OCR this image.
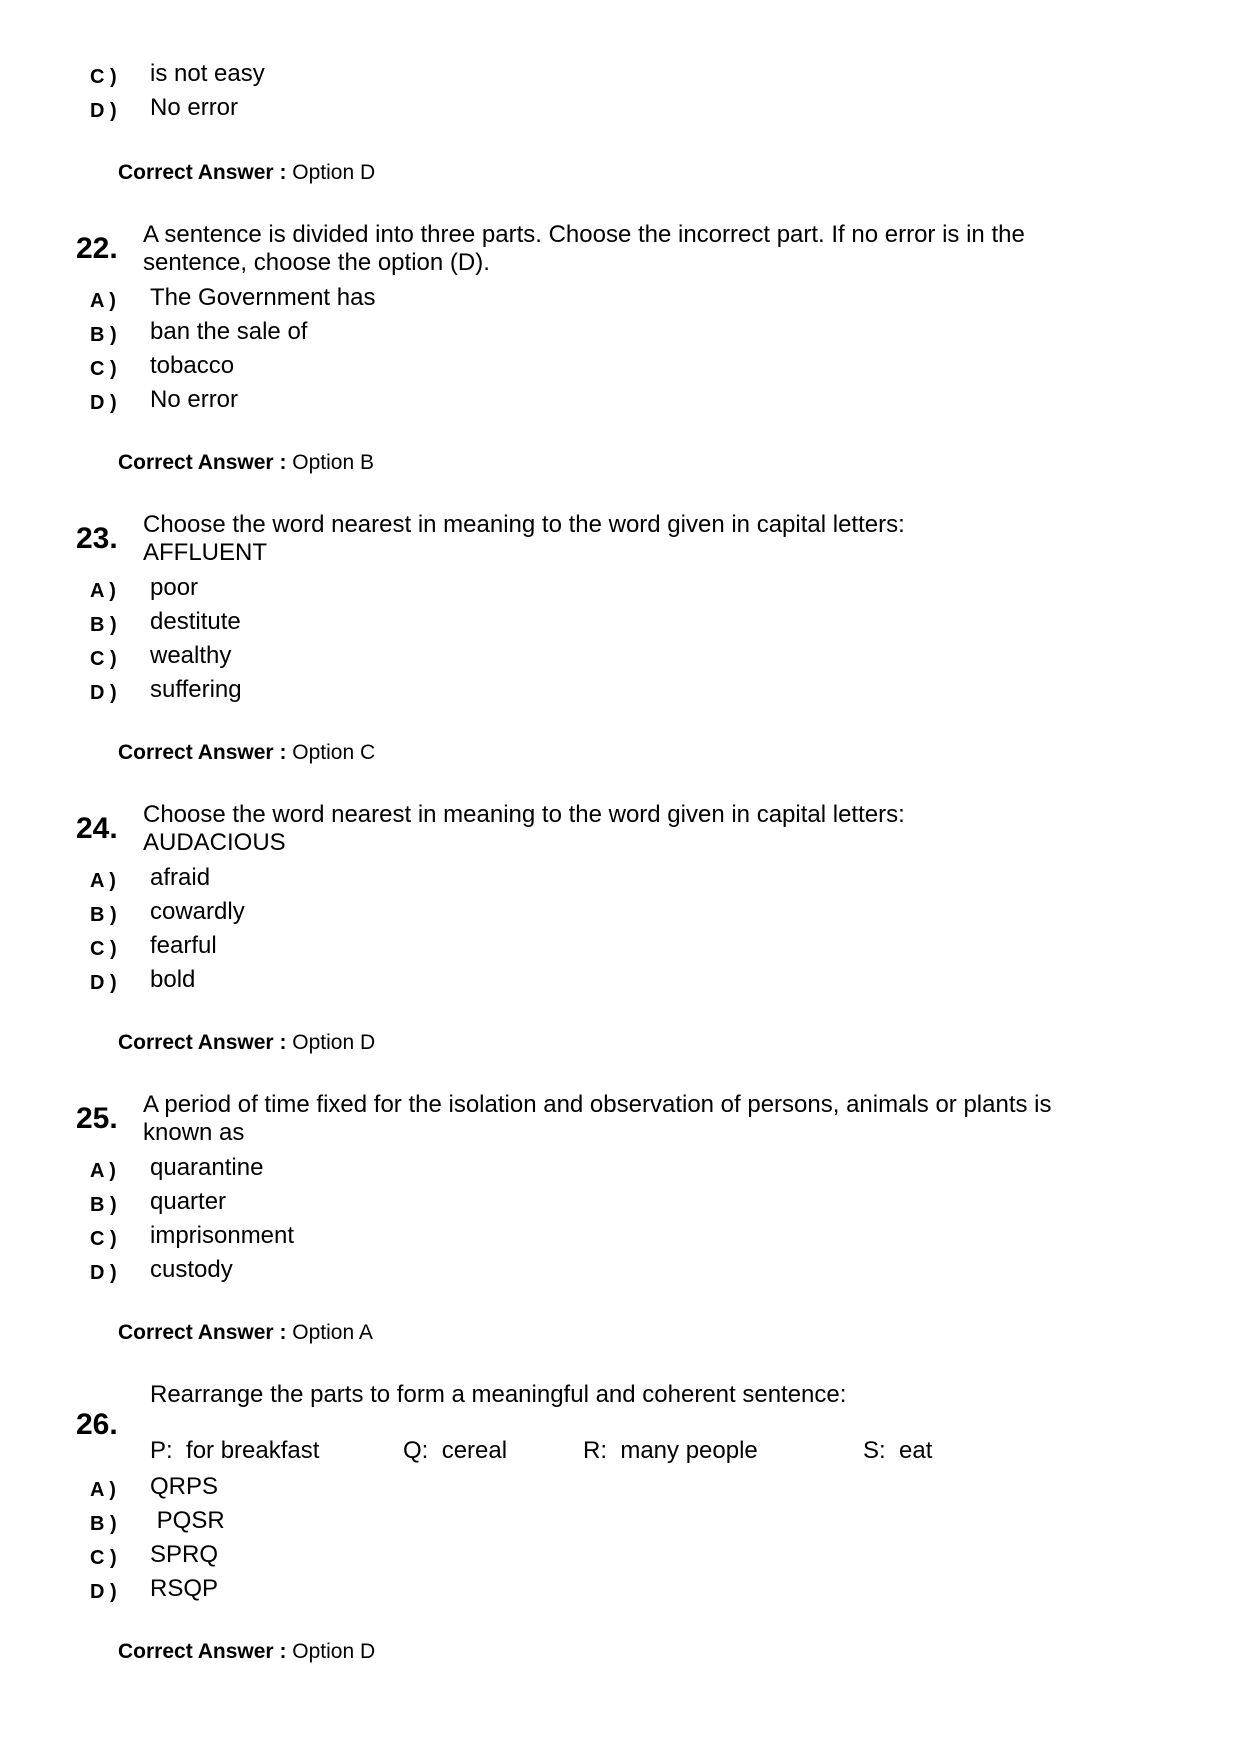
C ) is not easy
D ) No error
Correct Answer : Option D
22. A sentence is divided into three parts. Choose the incorrect part. If no error is in the
sentence, choose the option (D).
A ) The Government has
B ) ban the sale of
C ) tobacco
D ) No error
Correct Answer : Option B
23. Choose the word nearest in meaning to the word given in capital letters:
AFFLUENT
A ) poor
B ) destitute
C ) wealthy
D ) suffering
Correct Answer : Option C
24. Choose the word nearest in meaning to the word given in capital letters:
AUDACIOUS
A ) afraid
B ) cowardly
C ) fearful
D ) bold
Correct Answer : Option D
25. A period of time fixed for the isolation and observation of persons, animals or plants is
known as
A ) quarantine
B ) quarter
C ) imprisonment
D ) custody
Correct Answer : Option A
26.
Rearrange the parts to form a meaningful and coherent sentence:
P: for breakfast	Q: cereal	R: many people	S: eat
A ) QRPS
B ) PQSR
C ) SPRQ
D ) RSQP
Correct Answer : Option D
